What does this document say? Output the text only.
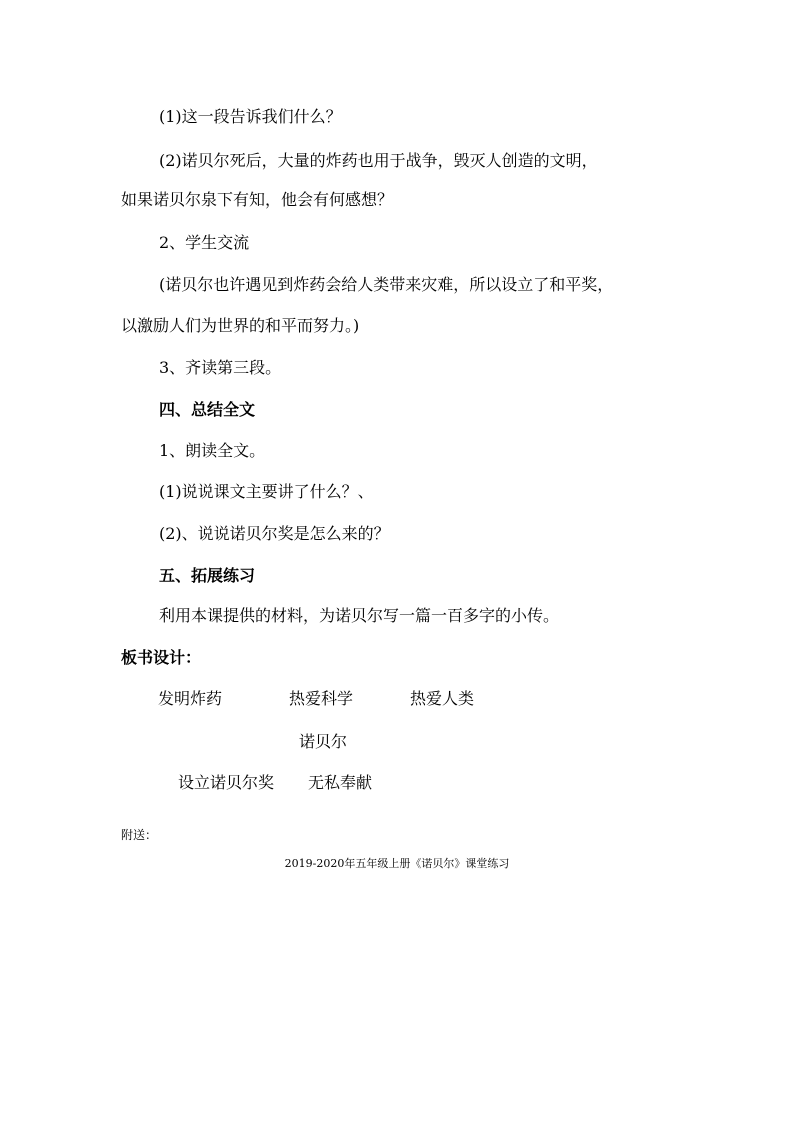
(1)这一段告诉我们什么？
(2)诺贝尔死后，大量的炸药也用于战争，毁灭人创造的文明，
如果诺贝尔泉下有知，他会有何感想？
2、学生交流
(诺贝尔也许遇见到炸药会给人类带来灾难，所以设立了和平奖，
以激励人们为世界的和平而努力。)
3、齐读第三段。
四、总结全文
1、朗读全文。
(1)说说课文主要讲了什么？、
(2)、说说诺贝尔奖是怎么来的？
五、拓展练习
利用本课提供的材料，为诺贝尔写一篇一百多字的小传。
板书设计：
发明炸药	热爱科学	热爱人类
诺贝尔
设立诺贝尔奖 无私奉献
附送：
2019-2020年五年级上册《诺贝尔》课堂练习
